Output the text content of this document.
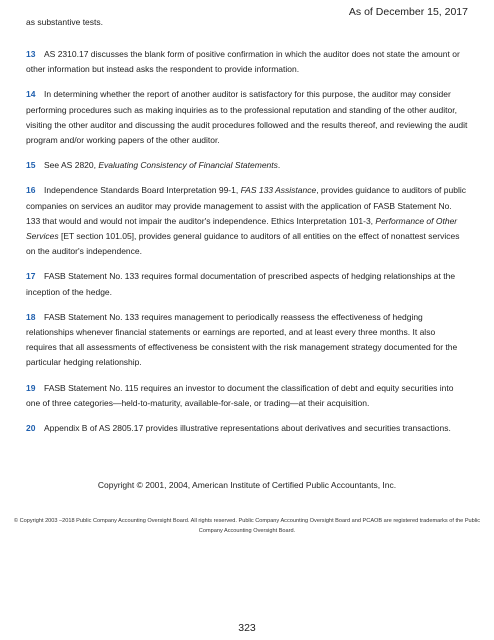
As of December 15, 2017
as substantive tests.

13 AS 2310.17 discusses the blank form of positive confirmation in which the auditor does not state the amount or other information but instead asks the respondent to provide information.

14 In determining whether the report of another auditor is satisfactory for this purpose, the auditor may consider performing procedures such as making inquiries as to the professional reputation and standing of the other auditor, visiting the other auditor and discussing the audit procedures followed and the results thereof, and reviewing the audit program and/or working papers of the other auditor.

15 See AS 2820, Evaluating Consistency of Financial Statements.

16 Independence Standards Board Interpretation 99-1, FAS 133 Assistance, provides guidance to auditors of public companies on services an auditor may provide management to assist with the application of FASB Statement No. 133 that would and would not impair the auditor's independence. Ethics Interpretation 101-3, Performance of Other Services [ET section 101.05], provides general guidance to auditors of all entities on the effect of nonattest services on the auditor's independence.

17 FASB Statement No. 133 requires formal documentation of prescribed aspects of hedging relationships at the inception of the hedge.

18 FASB Statement No. 133 requires management to periodically reassess the effectiveness of hedging relationships whenever financial statements or earnings are reported, and at least every three months. It also requires that all assessments of effectiveness be consistent with the risk management strategy documented for the particular hedging relationship.

19 FASB Statement No. 115 requires an investor to document the classification of debt and equity securities into one of three categories—held-to-maturity, available-for-sale, or trading—at their acquisition.

20 Appendix B of AS 2805.17 provides illustrative representations about derivatives and securities transactions.

Copyright © 2001, 2004, American Institute of Certified Public Accountants, Inc.
© Copyright 2003 –2018 Public Company Accounting Oversight Board. All rights reserved. Public Company Accounting Oversight Board and PCAOB are registered trademarks of the Public Company Accounting Oversight Board.
323
